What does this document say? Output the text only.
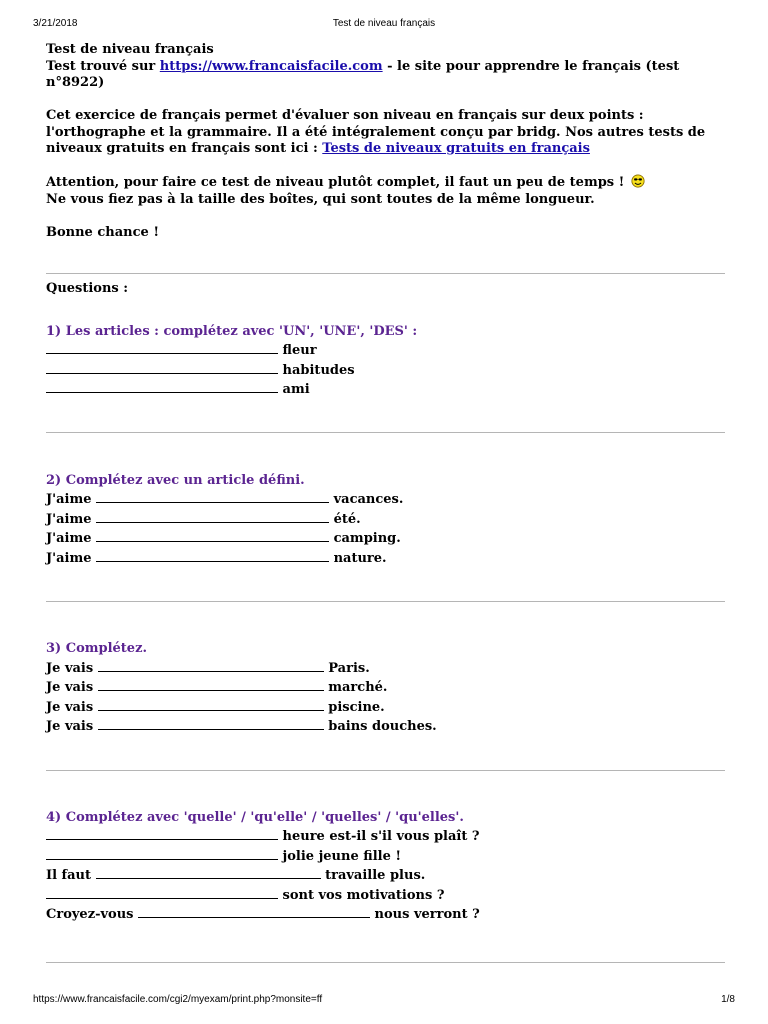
3/21/2018	Test de niveau français

Test de niveau français

Test trouvé sur https://www.francaisfacile.com - le site pour apprendre le français (test n°8922)

Cet exercice de français permet d'évaluer son niveau en français sur deux points : l'orthographe et la grammaire. Il a été intégralement conçu par bridg. Nos autres tests de niveaux gratuits en français sont ici : Tests de niveaux gratuits en français

Attention, pour faire ce test de niveau plutôt complet, il faut un peu de temps !

Ne vous fiez pas à la taille des boîtes, qui sont toutes de la même longueur.

Bonne chance !

Questions :

1) Les articles : complétez avec 'UN', 'UNE', 'DES' :

fleur
habitudes
ami

2) Complétez avec un article défini.

J'aime	vacances.
J'aime	été.
J'aime	camping.
J'aime	nature.

3) Complétez.

Je vais	Paris.
Je vais	marché.
Je vais	piscine.
Je vais	bains douches.

4) Complétez avec 'quelle' / 'qu'elle' / 'quelles' / 'qu'elles'.

heure est-il s'il vous plaît ?
jolie jeune fille !
Il faut	travaille plus.
sont vos motivations ?
Croyez-vous	nous verront ?
https://www.francaisfacile.com/cgi2/myexam/print.php?monsite=ff	1/8
